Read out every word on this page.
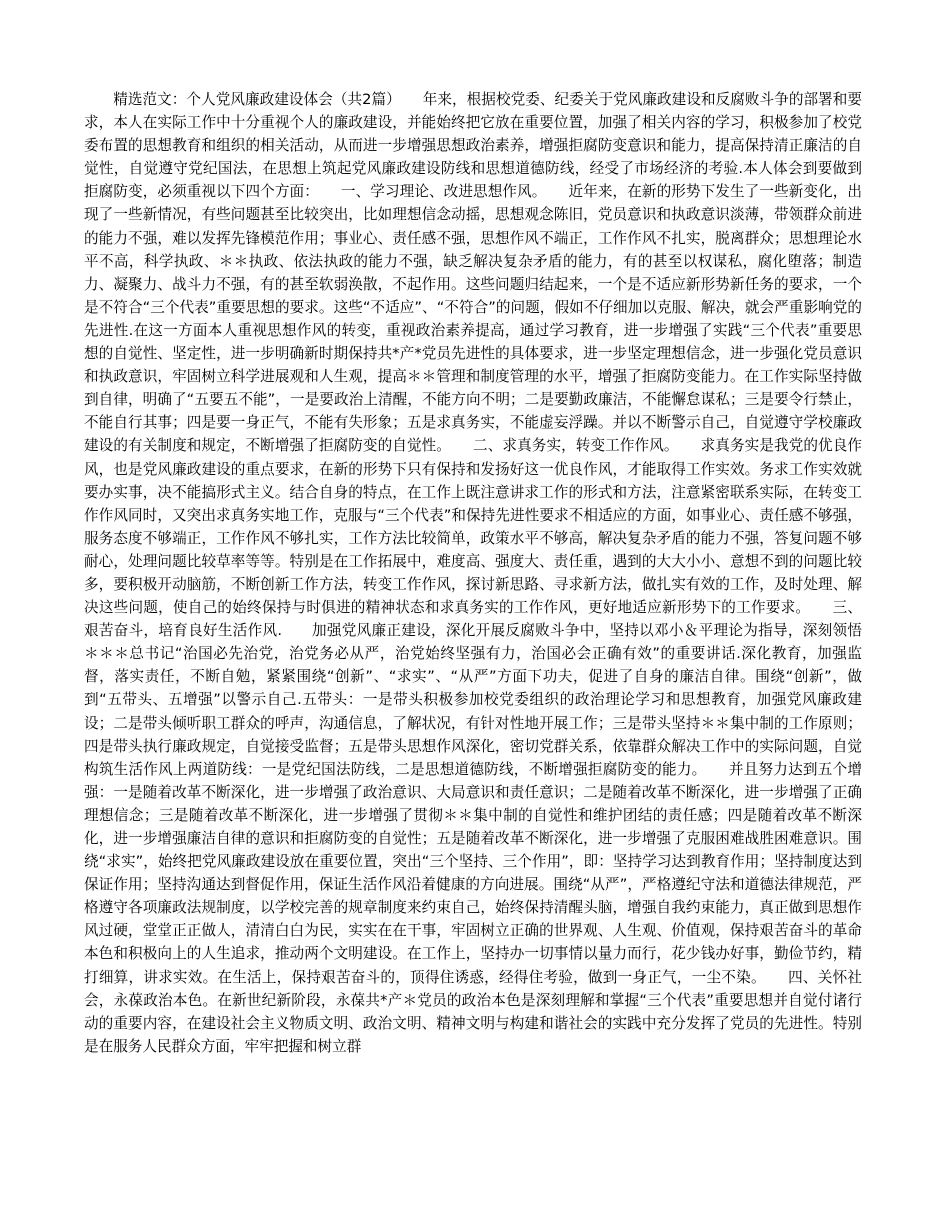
精选范文：个人党风廉政建设体会（共2篇）　　年来，根据校党委、纪委关于党风廉政建设和反腐败斗争的部署和要求，本人在实际工作中十分重视个人的廉政建设，并能始终把它放在重要位置，加强了相关内容的学习，积极参加了校党委布置的思想教育和组织的相关活动，从而进一步增强思想政治素养，增强拒腐防变意识和能力，提高保持清正廉洁的自觉性，自觉遵守党纪国法，在思想上筑起党风廉政建设防线和思想道德防线，经受了市场经济的考验.本人体会到要做到拒腐防变，必须重视以下四个方面：　　一、学习理论、改进思想作风。　　近年来，在新的形势下发生了一些新变化，出现了一些新情况，有些问题甚至比较突出，比如理想信念动摇，思想观念陈旧，党员意识和执政意识淡薄，带领群众前进的能力不强，难以发挥先锋模范作用；事业心、责任感不强，思想作风不端正，工作作风不扎实，脱离群众；思想理论水平不高，科学执政、＊＊执政、依法执政的能力不强，缺乏解决复杂矛盾的能力，有的甚至以权谋私，腐化堕落；制造力、凝聚力、战斗力不强，有的甚至软弱涣散，不起作用。这些问题归结起来，一个是不适应新形势新任务的要求，一个是不符合“三个代表”重要思想的要求。这些“不适应”、“不符合”的问题，假如不仔细加以克服、解决，就会严重影响党的先进性.在这一方面本人重视思想作风的转变，重视政治素养提高，通过学习教育，进一步增强了实践“三个代表”重要思想的自觉性、坚定性，进一步明确新时期保持共*产*党员先进性的具体要求，进一步坚定理想信念，进一步强化党员意识和执政意识，牢固树立科学进展观和人生观，提高＊＊管理和制度管理的水平，增强了拒腐防变能力。在工作实际坚持做到自律，明确了“五要五不能”，一是要政治上清醒，不能方向不明；二是要勤政廉洁，不能懈怠谋私；三是要令行禁止，不能自行其事；四是要一身正气，不能有失形象；五是求真务实，不能虚妄浮躁。并以不断警示自己，自觉遵守学校廉政建设的有关制度和规定，不断增强了拒腐防变的自觉性。　　二、求真务实，转变工作作风。　　求真务实是我党的优良作风，也是党风廉政建设的重点要求，在新的形势下只有保持和发扬好这一优良作风，才能取得工作实效。务求工作实效就要办实事，决不能搞形式主义。结合自身的特点，在工作上既注意讲求工作的形式和方法，注意紧密联系实际，在转变工作作风同时，又突出求真务实地工作，克服与“三个代表”和保持先进性要求不相适应的方面，如事业心、责任感不够强，服务态度不够端正，工作作风不够扎实，工作方法比较简单，政策水平不够高，解决复杂矛盾的能力不强，答复问题不够耐心，处理问题比较草率等等。特别是在工作拓展中，难度高、强度大、责任重，遇到的大大小小、意想不到的问题比较多，要积极开动脑筋，不断创新工作方法，转变工作作风，探讨新思路、寻求新方法，做扎实有效的工作，及时处理、解决这些问题，使自己的始终保持与时俱进的精神状态和求真务实的工作作风，更好地适应新形势下的工作要求。　　三、艰苦奋斗，培育良好生活作风.　　加强党风廉正建设，深化开展反腐败斗争中，坚持以邓小＆平理论为指导，深刻领悟＊＊＊总书记“治国必先治党，治党务必从严，治党始终坚强有力，治国必会正确有效”的重要讲话.深化教育，加强监督，落实责任，不断自勉，紧紧围绕“创新”、“求实”、“从严”方面下功夫，促进了自身的廉洁自律。围绕“创新”，做到“五带头、五增强”以警示自己.五带头：一是带头积极参加校党委组织的政治理论学习和思想教育，加强党风廉政建设；二是带头倾听职工群众的呼声，沟通信息，了解状况，有针对性地开展工作；三是带头坚持＊＊集中制的工作原则；四是带头执行廉政规定，自觉接受监督；五是带头思想作风深化，密切党群关系，依靠群众解决工作中的实际问题，自觉构筑生活作风上两道防线：一是党纪国法防线，二是思想道德防线，不断增强拒腐防变的能力。　　并且努力达到五个增强：一是随着改革不断深化，进一步增强了政治意识、大局意识和责任意识；二是随着改革不断深化，进一步增强了正确理想信念；三是随着改革不断深化，进一步增强了贯彻＊＊集中制的自觉性和维护团结的责任感；四是随着改革不断深化，进一步增强廉洁自律的意识和拒腐防变的自觉性；五是随着改革不断深化，进一步增强了克服困难战胜困难意识。围绕“求实”，始终把党风廉政建设放在重要位置，突出“三个坚持、三个作用”，即：坚持学习达到教育作用；坚持制度达到保证作用；坚持沟通达到督促作用，保证生活作风沿着健康的方向进展。围绕“从严”，严格遵纪守法和道德法律规范，严格遵守各项廉政法规制度，以学校完善的规章制度来约束自己，始终保持清醒头脑，增强自我约束能力，真正做到思想作风过硬，堂堂正正做人，清清白白为民，实实在在干事，牢固树立正确的世界观、人生观、价值观，保持艰苦奋斗的革命本色和积极向上的人生追求，推动两个文明建设。在工作上，坚持办一切事情以量力而行，花少钱办好事，勤俭节约，精打细算，讲求实效。在生活上，保持艰苦奋斗的，顶得住诱惑，经得住考验，做到一身正气，一尘不染。　　四、关怀社会，永葆政治本色。在新世纪新阶段，永葆共*产＊党员的政治本色是深刻理解和掌握“三个代表”重要思想并自觉付诸行动的重要内容，在建设社会主义物质文明、政治文明、精神文明与构建和谐社会的实践中充分发挥了党员的先进性。特别是在服务人民群众方面，牢牢把握和树立群
